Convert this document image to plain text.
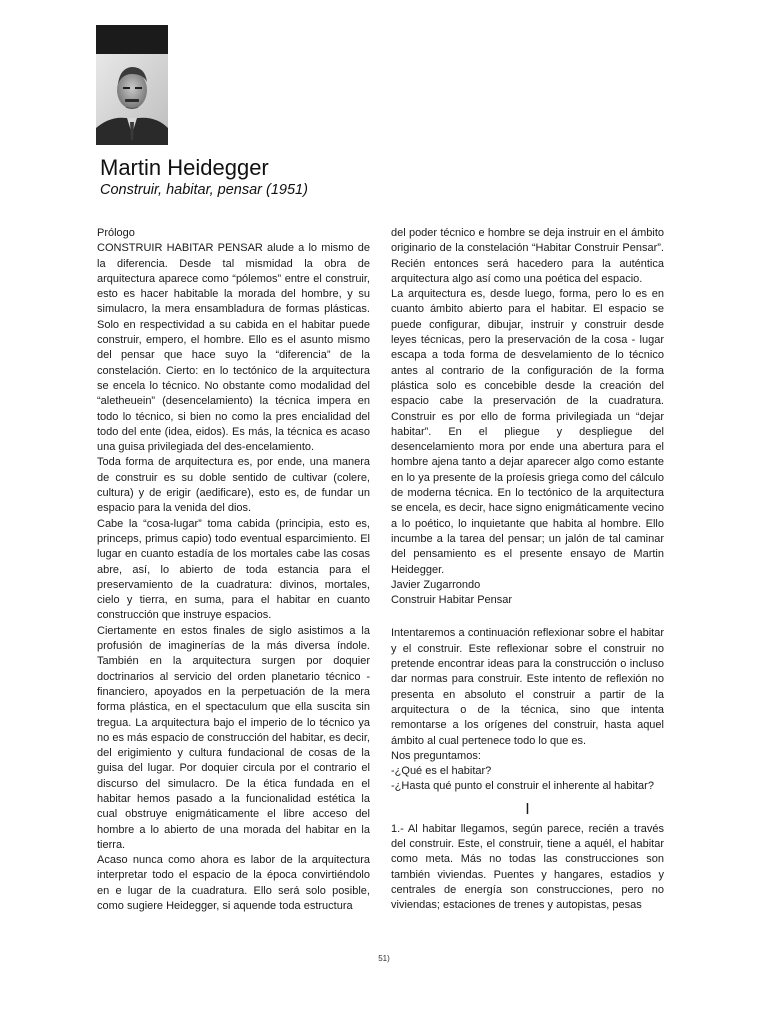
Martin Heidegger

Construir, habitar, pensar (1951)

Prólogo

CONSTRUIR HABITAR PENSAR alude a lo mismo de la diferencia. Desde tal mismidad la obra de arquitectura aparece como “pólemos” entre el construir, esto es hacer habitable la morada del hombre, y su simulacro, la mera ensambladura de formas plásticas. Solo en respectividad a su cabida en el habitar puede construir, empero, el hombre. Ello es el asunto mismo del pensar que hace suyo la “diferencia” de la constelación. Cierto: en lo tectónico de la arquitectura se encela lo técnico. No obstante como modalidad del “aletheuein” (desencelamiento) la técnica impera en todo lo técnico, si bien no como la pres encialidad del todo del ente (idea, eidos). Es más, la técnica es acaso una guisa privilegiada del des-encelamiento.

Toda forma de arquitectura es, por ende, una manera de construir es su doble sentido de cultivar (colere, cultura) y de erigir (aedificare), esto es, de fundar un espacio para la venida del dios.

Cabe la “cosa-lugar” toma cabida (principia, esto es, princeps, primus capio) todo eventual esparcimiento. El lugar en cuanto estadía de los mortales cabe las cosas abre, así, lo abierto de toda estancia para el preservamiento de la cuadratura: divinos, mortales, cielo y tierra, en suma, para el habitar en cuanto construcción que instruye espacios.

Ciertamente en estos finales de siglo asistimos a la profusión de imaginerías de la más diversa índole. También en la arquitectura surgen por doquier doctrinarios al servicio del orden planetario técnico - financiero, apoyados en la perpetuación de la mera forma plástica, en el spectaculum que ella suscita sin tregua. La arquitectura bajo el imperio de lo técnico ya no es más espacio de construcción del habitar, es decir, del erigimiento y cultura fundacional de cosas de la guisa del lugar. Por doquier circula por el contrario el discurso del simulacro. De la ética fundada en el habitar hemos pasado a la funcionalidad estética la cual obstruye enigmáticamente el libre acceso del hombre a lo abierto de una morada del habitar en la tierra.

Acaso nunca como ahora es labor de la arquitectura interpretar todo el espacio de la época convirtiéndolo en e lugar de la cuadratura. Ello será solo posible, como sugiere Heidegger, si aquende toda estructura

del poder técnico e hombre se deja instruir en el ámbito originario de la constelación “Habitar Construir Pensar”. Recién entonces será hacedero para la auténtica arquitectura algo así como una poética del espacio.

La arquitectura es, desde luego, forma, pero lo es en cuanto ámbito abierto para el habitar. El espacio se puede configurar, dibujar, instruir y construir desde leyes técnicas, pero la preservación de la cosa - lugar escapa a toda forma de desvelamiento de lo técnico antes al contrario de la configuración de la forma plástica solo es concebible desde la creación del espacio cabe la preservación de la cuadratura. Construir es por ello de forma privilegiada un “dejar habitar”. En el pliegue y despliegue del desencelamiento mora por ende una abertura para el hombre ajena tanto a dejar aparecer algo como estante en lo ya presente de la proíesis griega como del cálculo de moderna técnica. En lo tectónico de la arquitectura se encela, es decir, hace signo enigmáticamente vecino a lo poético, lo inquietante que habita al hombre. Ello incumbe a la tarea del pensar; un jalón de tal caminar del pensamiento es el presente ensayo de Martin Heidegger.

Javier Zugarrondo

Construir Habitar Pensar

Intentaremos a continuación reflexionar sobre el habitar y el construir. Este reflexionar sobre el construir no pretende encontrar ideas para la construcción o incluso dar normas para construir. Este intento de reflexión no presenta en absoluto el construir a partir de la arquitectura o de la técnica, sino que intenta remontarse a los orígenes del construir, hasta aquel ámbito al cual pertenece todo lo que es.

Nos preguntamos:

-¿Qué es el habitar?

-¿Hasta qué punto el construir el inherente al habitar?

I

1.- Al habitar llegamos, según parece, recién a través del construir. Este, el construir, tiene a aquél, el habitar como meta. Más no todas las construcciones son también viviendas. Puentes y hangares, estadios y centrales de energía son construcciones, pero no viviendas; estaciones de trenes y autopistas, pesas

51)
